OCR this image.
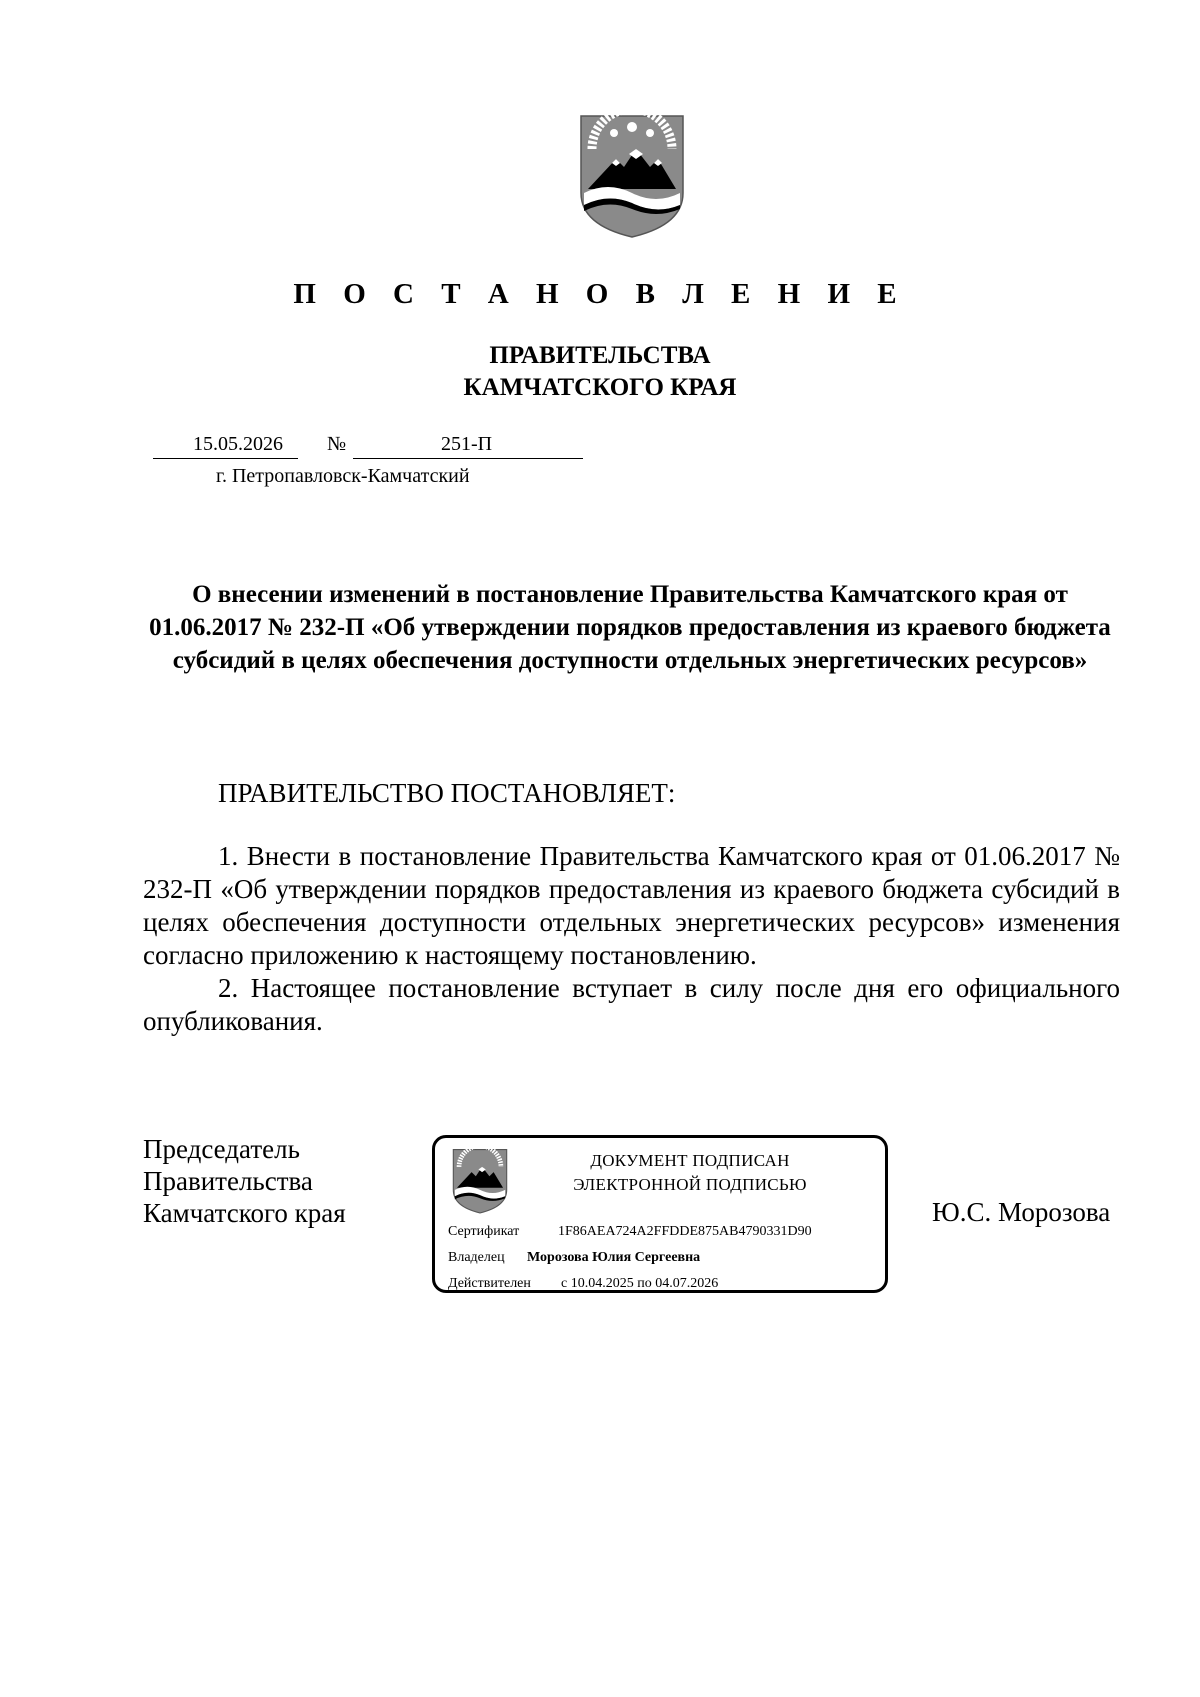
П О С Т А Н О В Л Е Н И Е
ПРАВИТЕЛЬСТВА
КАМЧАТСКОГО КРАЯ
15.05.2026 №	251-П
г. Петропавловск-Камчатский
О внесении изменений в постановление Правительства Камчатского края от 01.06.2017 № 232-П «Об утверждении порядков предоставления из краевого бюджета субсидий в целях обеспечения доступности отдельных энергетических ресурсов»
ПРАВИТЕЛЬСТВО ПОСТАНОВЛЯЕТ:
1. Внести в постановление Правительства Камчатского края от 01.06.2017 № 232-П «Об утверждении порядков предоставления из краевого бюджета субсидий в целях обеспечения доступности отдельных энергетических ресурсов» изменения согласно приложению к настоящему постановлению.
2. Настоящее постановление вступает в силу после дня его официального опубликования.
Председатель
Правительства
Камчатского края
ДОКУМЕНТ ПОДПИСАН
ЭЛЕКТРОННОЙ ПОДПИСЬЮ
Сертификат	1F86AEA724A2FFDDE875AB4790331D90
Владелец Морозова Юлия Сергеевна
Действителен с 10.04.2025 по 04.07.2026
Ю.С. Морозова
